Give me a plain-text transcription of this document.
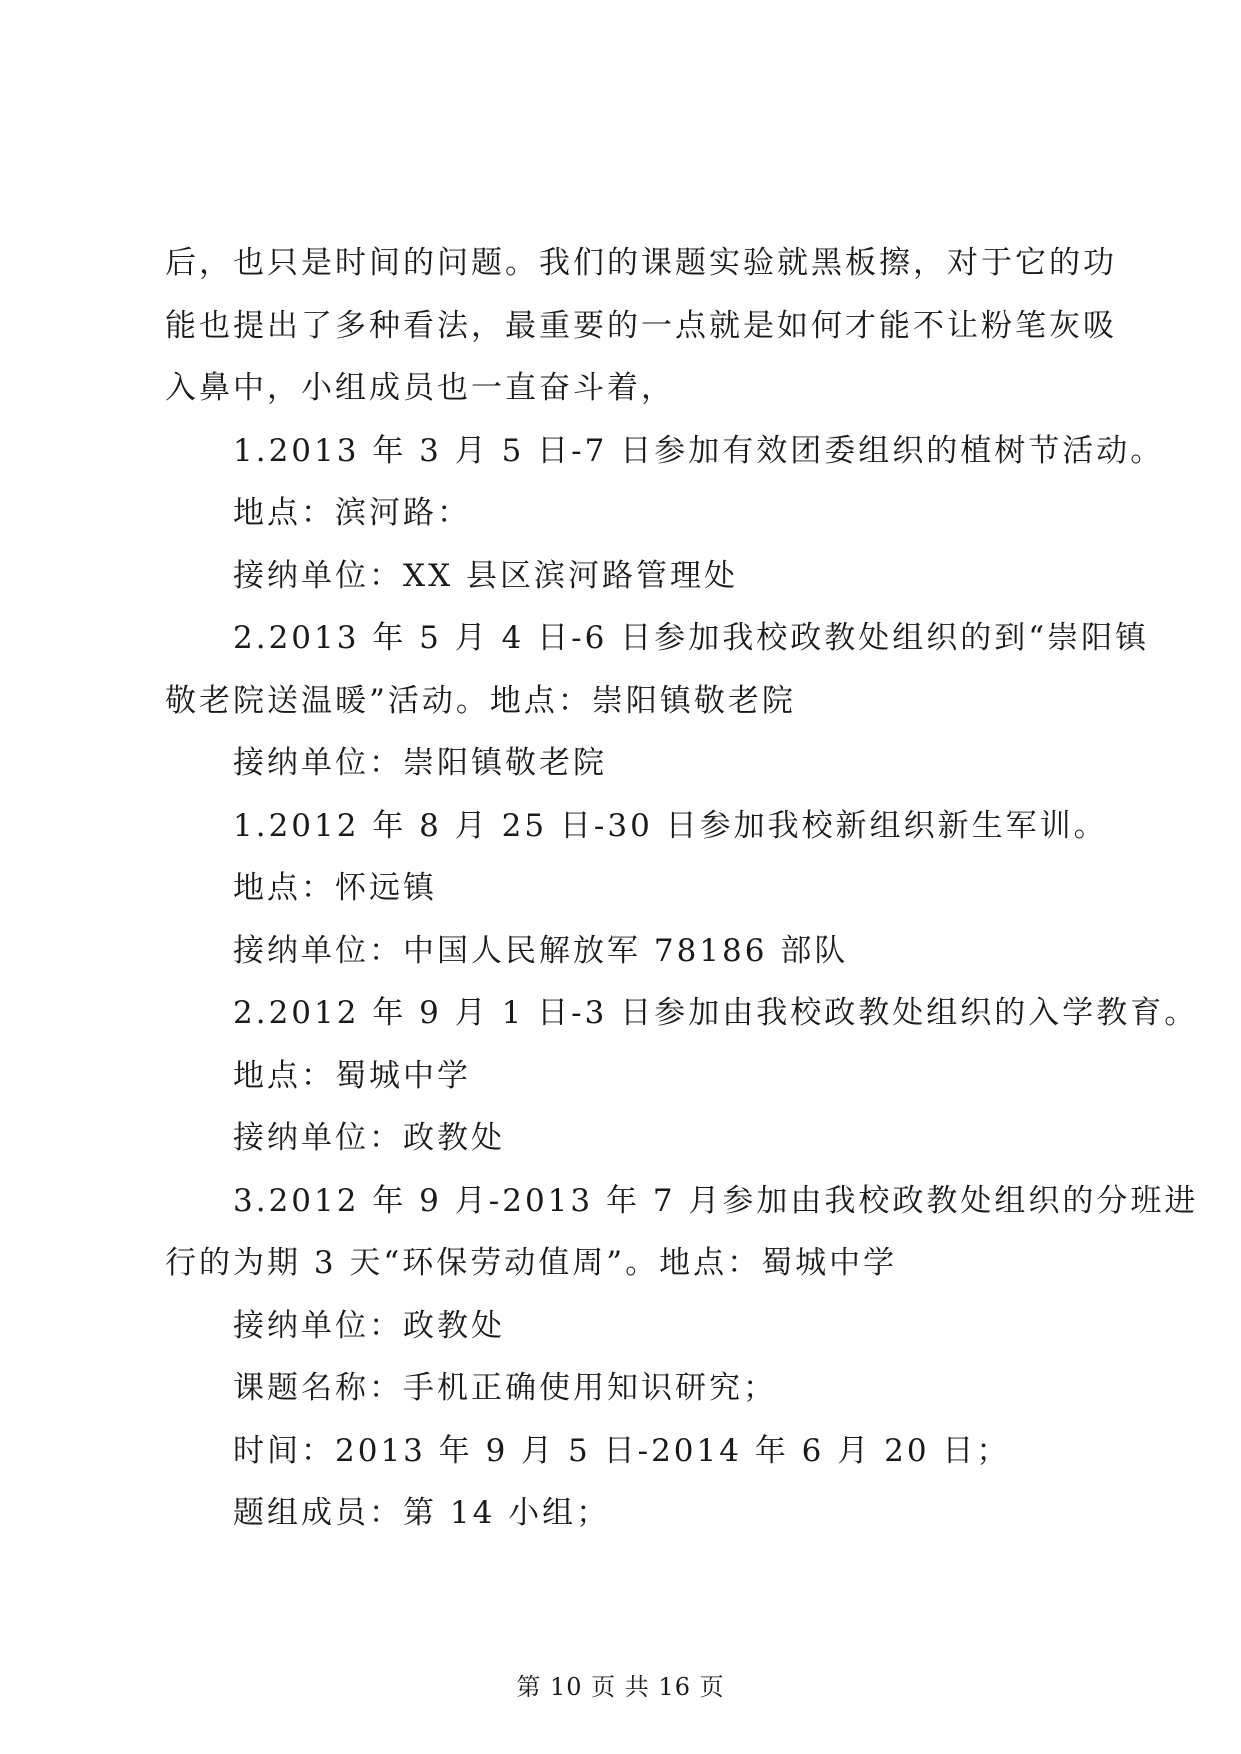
后，也只是时间的问题。我们的课题实验就黑板擦，对于它的功
能也提出了多种看法，最重要的一点就是如何才能不让粉笔灰吸
入鼻中，小组成员也一直奋斗着，
1.2013 年 3 月 5 日-7 日参加有效团委组织的植树节活动。
地点：滨河路：
接纳单位：XX 县区滨河路管理处
2.2013 年 5 月 4 日-6 日参加我校政教处组织的到“崇阳镇
敬老院送温暖”活动。地点：崇阳镇敬老院
接纳单位：崇阳镇敬老院
1.2012 年 8 月 25 日-30 日参加我校新组织新生军训。
地点：怀远镇
接纳单位：中国人民解放军 78186 部队
2.2012 年 9 月 1 日-3 日参加由我校政教处组织的入学教育。
地点：蜀城中学
接纳单位：政教处
3.2012 年 9 月-2013 年 7 月参加由我校政教处组织的分班进
行的为期 3 天“环保劳动值周”。地点：蜀城中学
接纳单位：政教处
课题名称：手机正确使用知识研究；
时间：2013 年 9 月 5 日-2014 年 6 月 20 日；
题组成员：第 14 小组；
第 10 页 共 16 页
